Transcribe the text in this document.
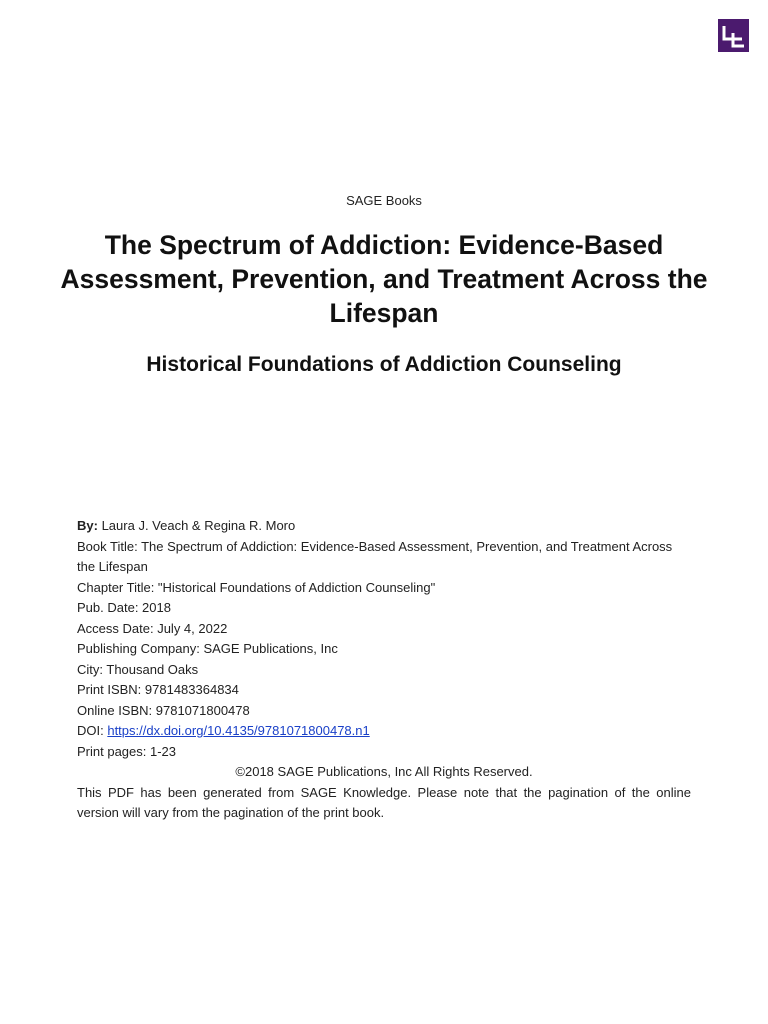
SAGE Books
The Spectrum of Addiction: Evidence-Based Assessment, Prevention, and Treatment Across the Lifespan
Historical Foundations of Addiction Counseling
By: Laura J. Veach & Regina R. Moro
Book Title: The Spectrum of Addiction: Evidence-Based Assessment, Prevention, and Treatment Across the Lifespan
Chapter Title: "Historical Foundations of Addiction Counseling"
Pub. Date: 2018
Access Date: July 4, 2022
Publishing Company: SAGE Publications, Inc
City: Thousand Oaks
Print ISBN: 9781483364834
Online ISBN: 9781071800478
DOI: https://dx.doi.org/10.4135/9781071800478.n1
Print pages: 1-23
©2018 SAGE Publications, Inc All Rights Reserved.
This PDF has been generated from SAGE Knowledge. Please note that the pagination of the online version will vary from the pagination of the print book.
